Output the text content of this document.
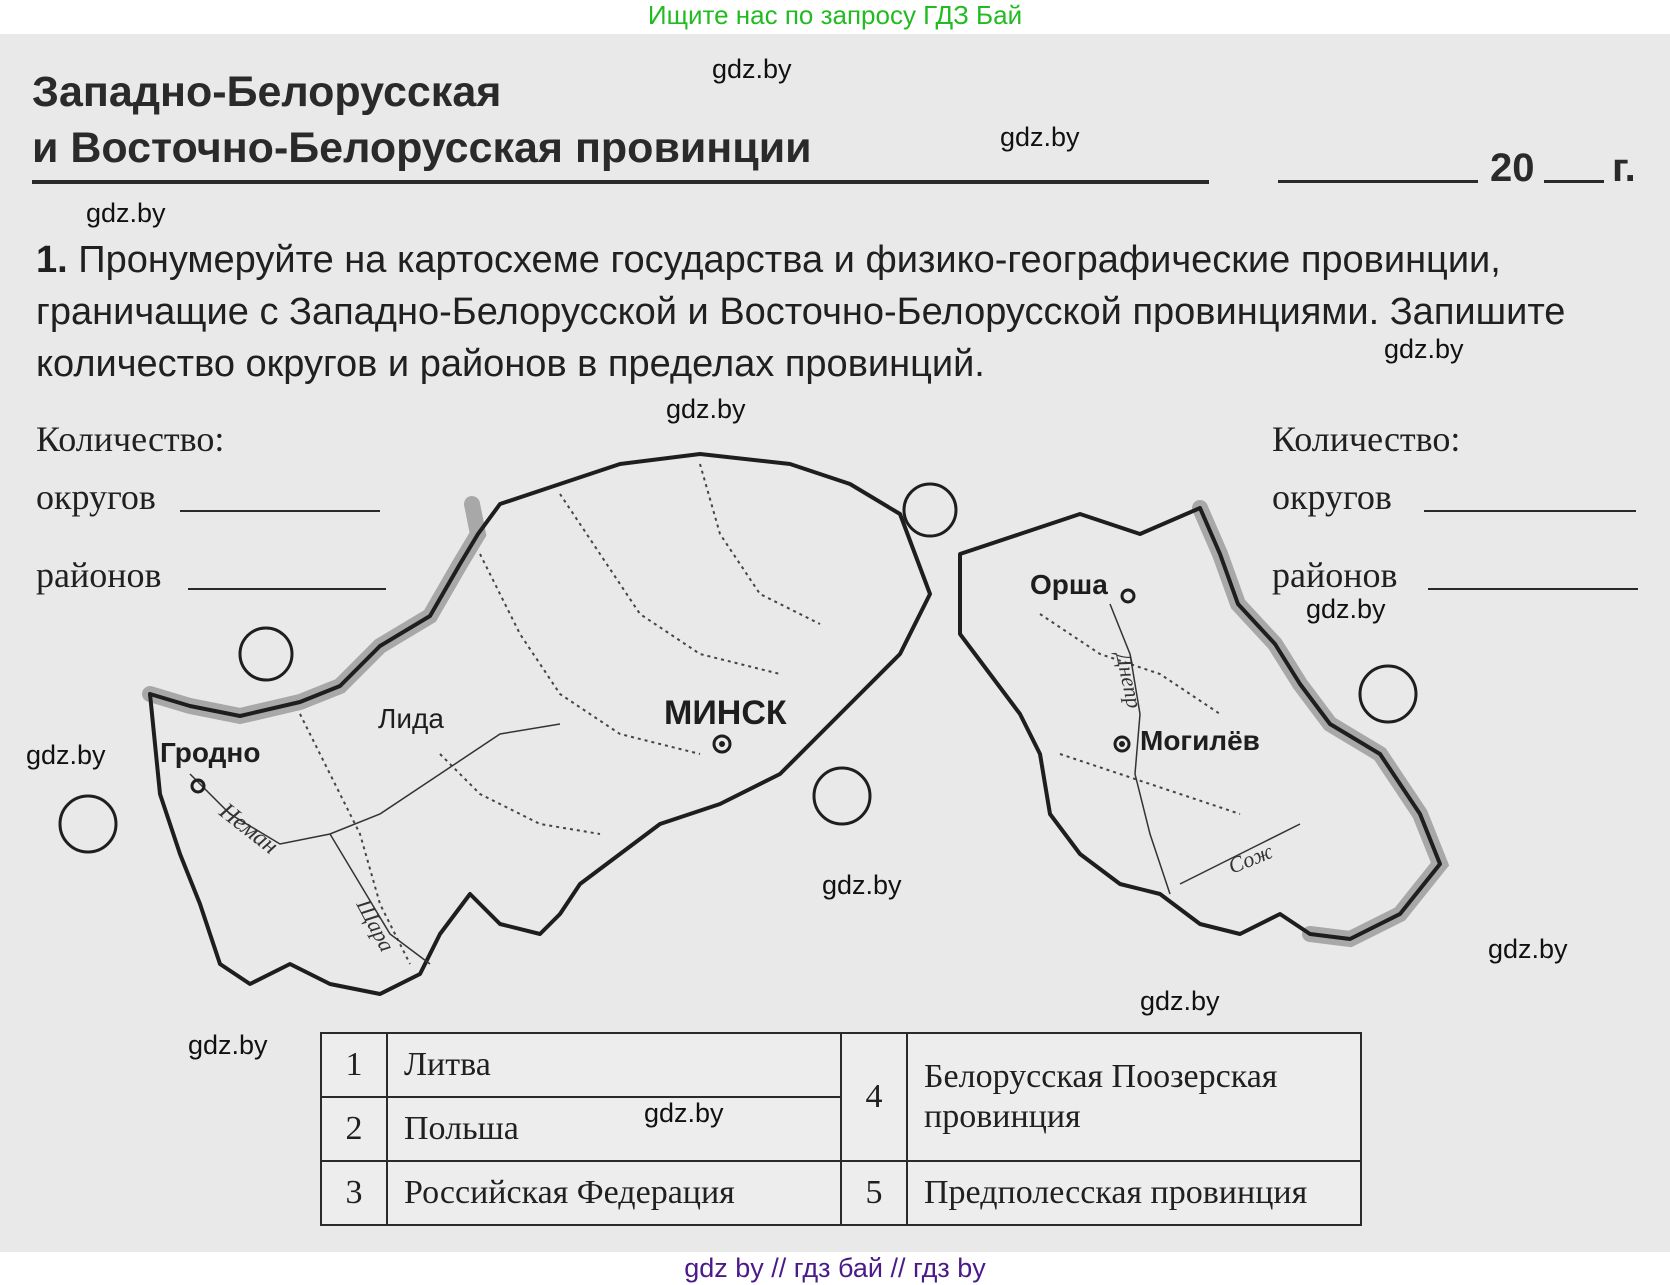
Ищите нас по запросу ГДЗ Бай
Западно-Белорусская
и Восточно-Белорусская провинции	20 г.
1. Пронумеруйте на картосхеме государства и физико-географические провинции, граничащие с Западно-Белорусской и Восточно-Белорусской провинциями. Запишите количество округов и районов в пределах провинций.
Количество:
округов
районов
Количество:
округов
районов
Гродно
Лида	МИНСК
Орша
Могилёв
Неман
Щара
Днепр
Сож
1	Литва	4	Белорусская Поозерская провинция
2	Польша		
3	Российская Федерация	5	Предполесская провинция
gdz.by
gdz.by
gdz.by
gdz.by
gdz.by
gdz.by
gdz.by
gdz.by
gdz.by
gdz.by
gdz.by
gdz.by
gdz by // гдз бай // гдз by
